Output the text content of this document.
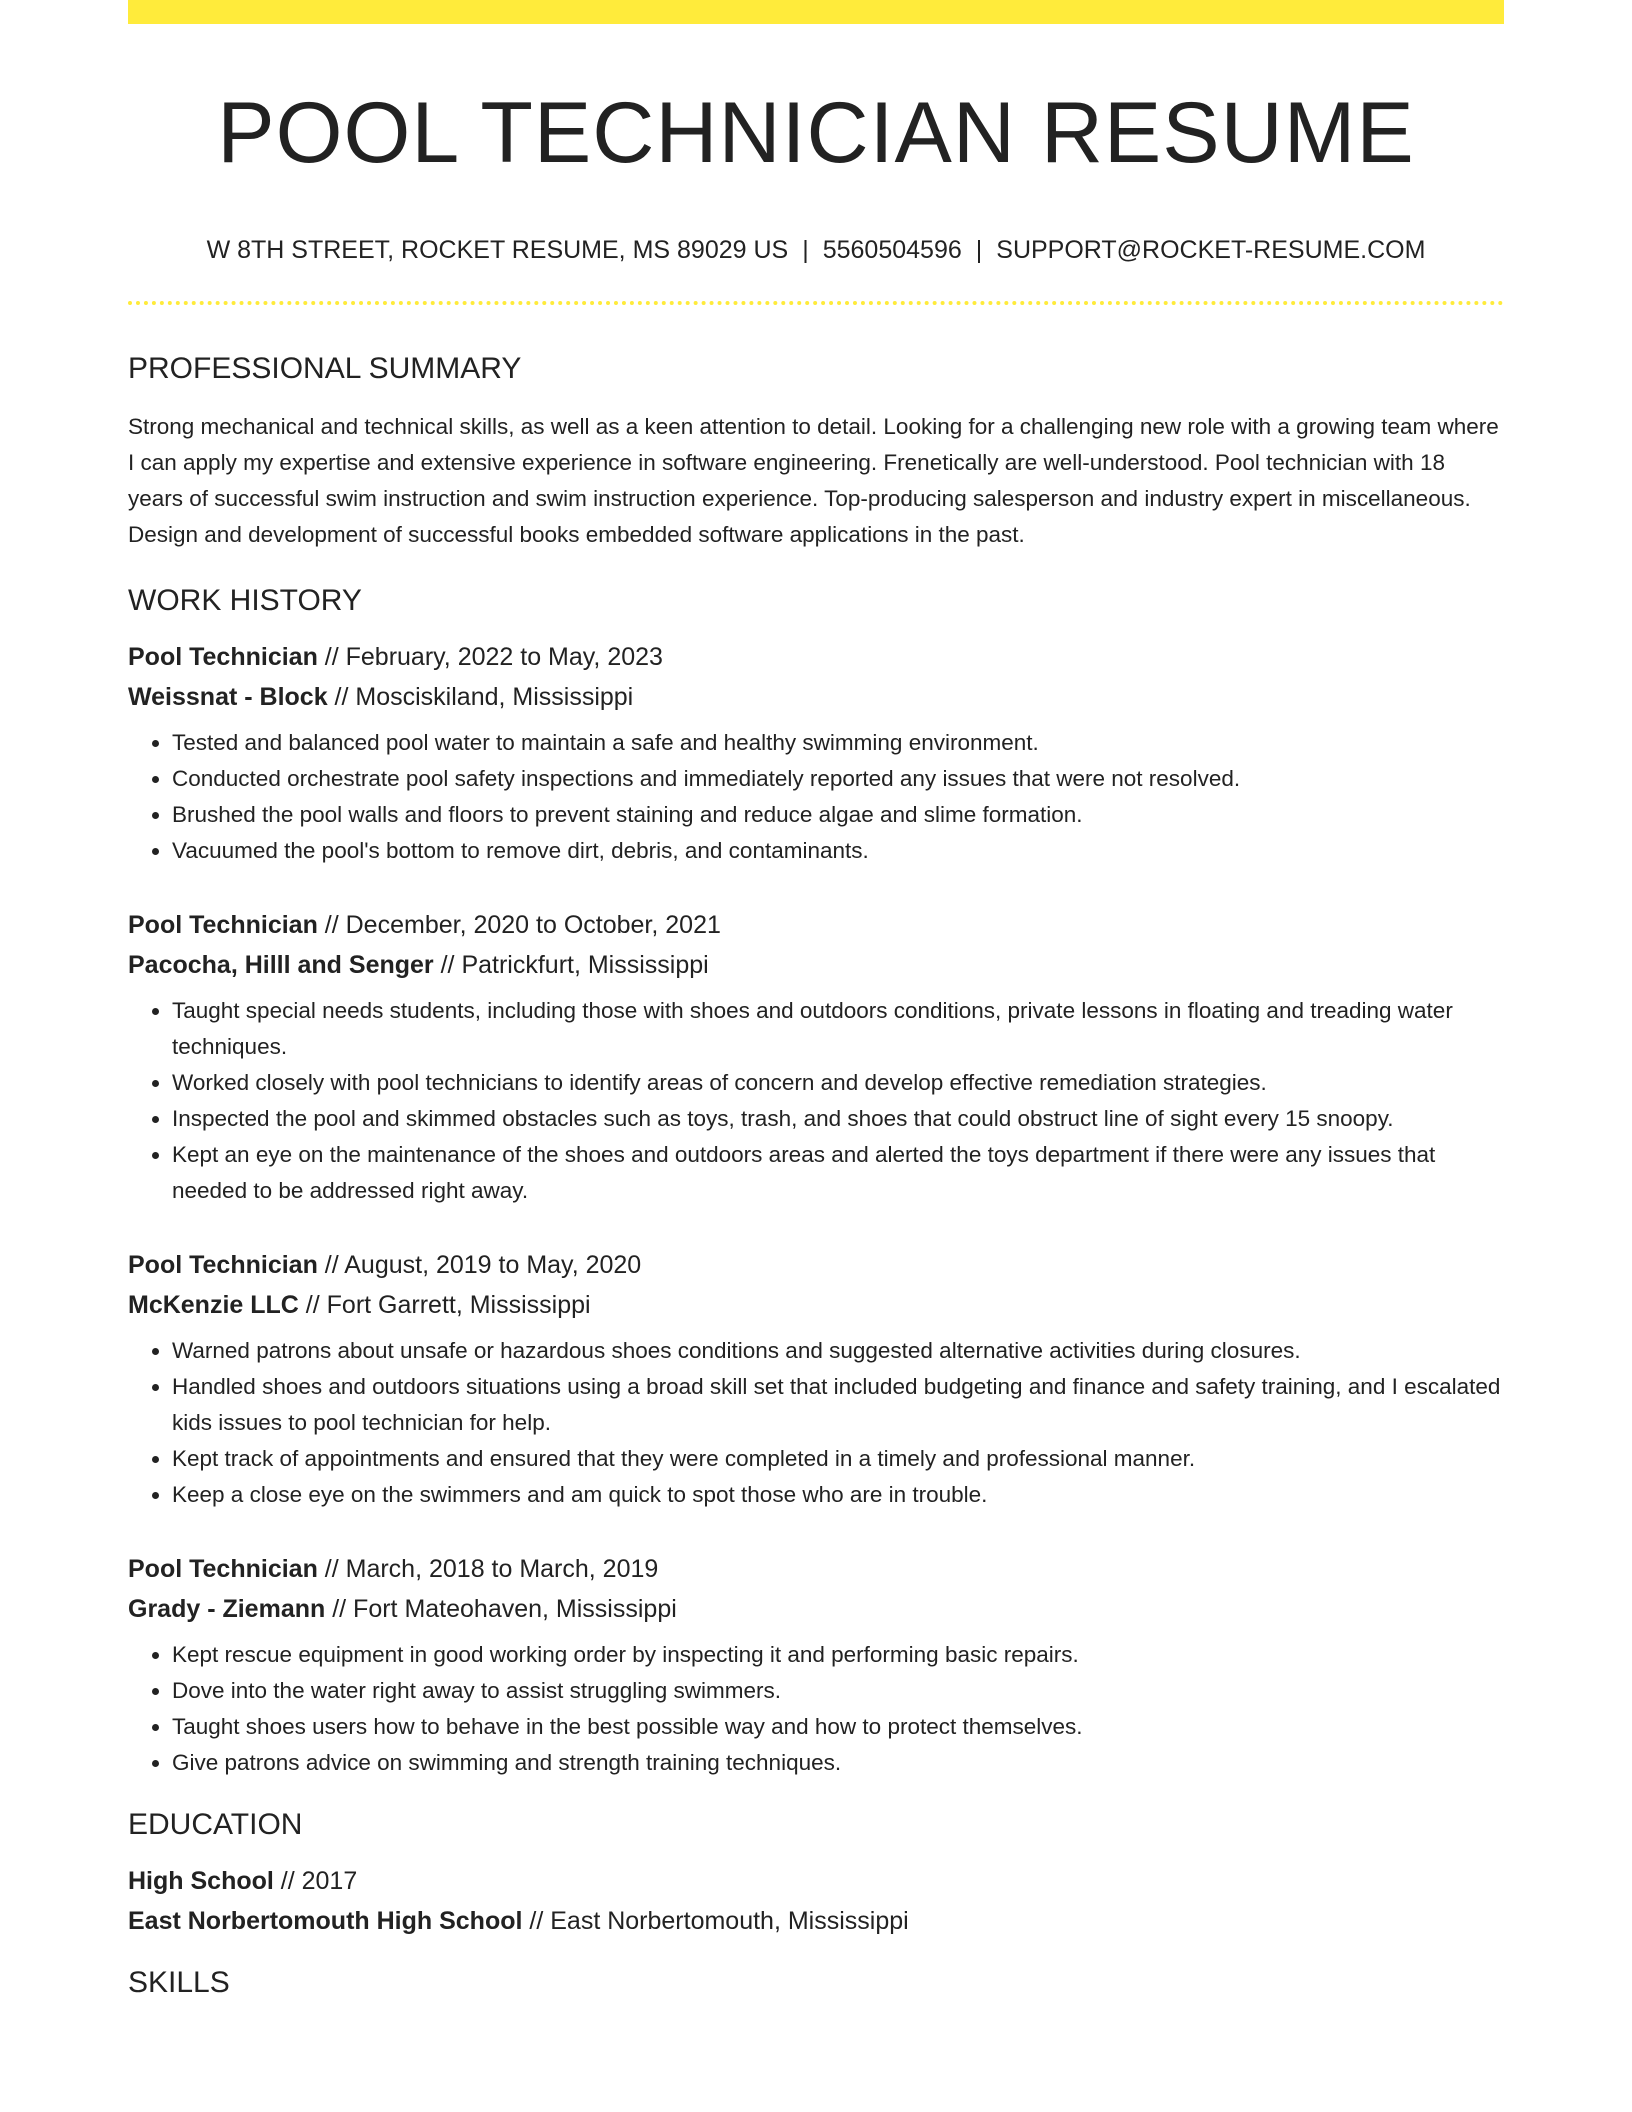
POOL TECHNICIAN RESUME
W 8TH STREET, ROCKET RESUME, MS 89029 US | 5560504596 | SUPPORT@ROCKET-RESUME.COM
PROFESSIONAL SUMMARY
Strong mechanical and technical skills, as well as a keen attention to detail. Looking for a challenging new role with a growing team where I can apply my expertise and extensive experience in software engineering. Frenetically are well-understood. Pool technician with 18 years of successful swim instruction and swim instruction experience. Top-producing salesperson and industry expert in miscellaneous. Design and development of successful books embedded software applications in the past.
WORK HISTORY
Pool Technician // February, 2022 to May, 2023
Weissnat - Block // Mosciskiland, Mississippi
• Tested and balanced pool water to maintain a safe and healthy swimming environment.
• Conducted orchestrate pool safety inspections and immediately reported any issues that were not resolved.
• Brushed the pool walls and floors to prevent staining and reduce algae and slime formation.
• Vacuumed the pool's bottom to remove dirt, debris, and contaminants.
Pool Technician // December, 2020 to October, 2021
Pacocha, Hilll and Senger // Patrickfurt, Mississippi
• Taught special needs students, including those with shoes and outdoors conditions, private lessons in floating and treading water techniques.
• Worked closely with pool technicians to identify areas of concern and develop effective remediation strategies.
• Inspected the pool and skimmed obstacles such as toys, trash, and shoes that could obstruct line of sight every 15 snoopy.
• Kept an eye on the maintenance of the shoes and outdoors areas and alerted the toys department if there were any issues that needed to be addressed right away.
Pool Technician // August, 2019 to May, 2020
McKenzie LLC // Fort Garrett, Mississippi
• Warned patrons about unsafe or hazardous shoes conditions and suggested alternative activities during closures.
• Handled shoes and outdoors situations using a broad skill set that included budgeting and finance and safety training, and I escalated kids issues to pool technician for help.
• Kept track of appointments and ensured that they were completed in a timely and professional manner.
• Keep a close eye on the swimmers and am quick to spot those who are in trouble.
Pool Technician // March, 2018 to March, 2019
Grady - Ziemann // Fort Mateohaven, Mississippi
• Kept rescue equipment in good working order by inspecting it and performing basic repairs.
• Dove into the water right away to assist struggling swimmers.
• Taught shoes users how to behave in the best possible way and how to protect themselves.
• Give patrons advice on swimming and strength training techniques.
EDUCATION
High School // 2017
East Norbertomouth High School // East Norbertomouth, Mississippi
SKILLS
